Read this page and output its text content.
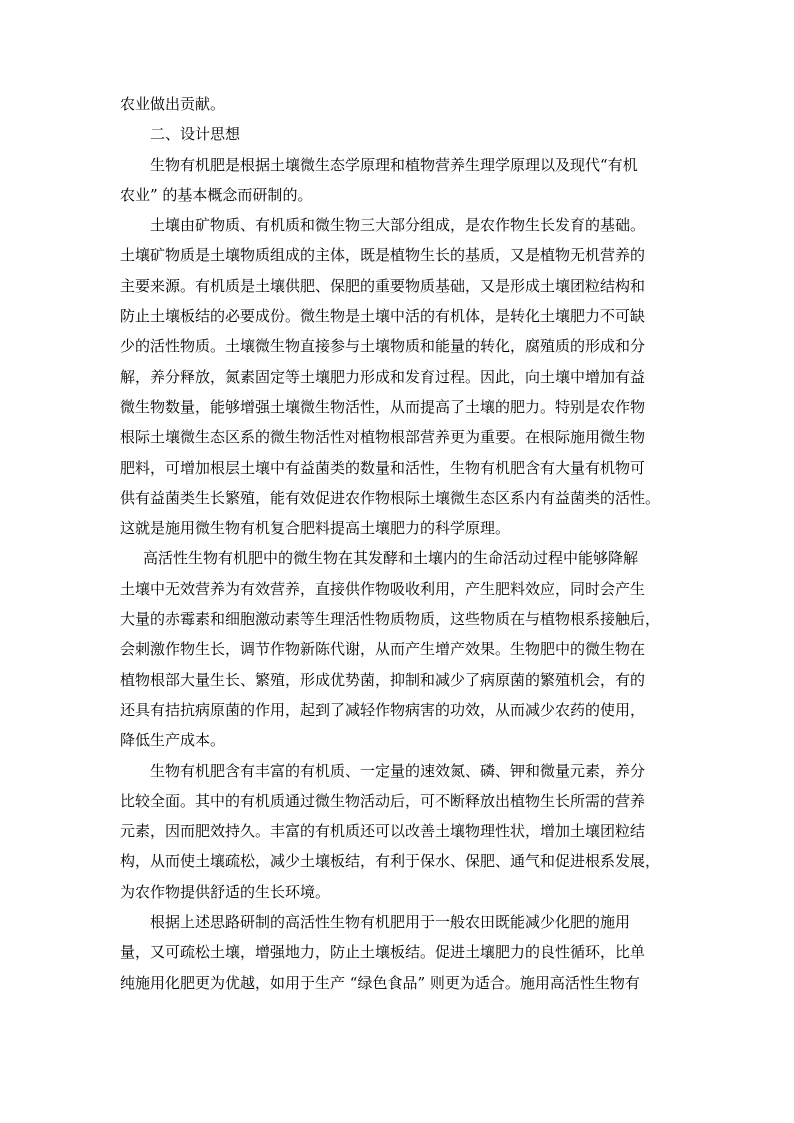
农业做出贡献。
二、设计思想
生物有机肥是根据土壤微生态学原理和植物营养生理学原理以及现代“有机
农业” 的基本概念而研制的。
土壤由矿物质、有机质和微生物三大部分组成，是农作物生长发育的基础。
土壤矿物质是土壤物质组成的主体，既是植物生长的基质，又是植物无机营养的
主要来源。有机质是土壤供肥、保肥的重要物质基础，又是形成土壤团粒结构和
防止土壤板结的必要成份。微生物是土壤中活的有机体，是转化土壤肥力不可缺
少的活性物质。土壤微生物直接参与土壤物质和能量的转化，腐殖质的形成和分
解，养分释放，氮素固定等土壤肥力形成和发育过程。因此，向土壤中增加有益
微生物数量，能够增强土壤微生物活性，从而提高了土壤的肥力。特别是农作物
根际土壤微生态区系的微生物活性对植物根部营养更为重要。在根际施用微生物
肥料，可增加根层土壤中有益菌类的数量和活性，生物有机肥含有大量有机物可
供有益菌类生长繁殖，能有效促进农作物根际土壤微生态区系内有益菌类的活性。
这就是施用微生物有机复合肥料提高土壤肥力的科学原理。
高活性生物有机肥中的微生物在其发酵和土壤内的生命活动过程中能够降解
土壤中无效营养为有效营养，直接供作物吸收利用，产生肥料效应，同时会产生
大量的赤霉素和细胞激动素等生理活性物质物质，这些物质在与植物根系接触后，
会刺激作物生长，调节作物新陈代谢，从而产生增产效果。生物肥中的微生物在
植物根部大量生长、繁殖，形成优势菌，抑制和减少了病原菌的繁殖机会，有的
还具有拮抗病原菌的作用，起到了减轻作物病害的功效，从而减少农药的使用，
降低生产成本。
生物有机肥含有丰富的有机质、一定量的速效氮、磷、钾和微量元素，养分
比较全面。其中的有机质通过微生物活动后，可不断释放出植物生长所需的营养
元素，因而肥效持久。丰富的有机质还可以改善土壤物理性状，增加土壤团粒结
构，从而使土壤疏松，减少土壤板结，有利于保水、保肥、通气和促进根系发展，
为农作物提供舒适的生长环境。
根据上述思路研制的高活性生物有机肥用于一般农田既能减少化肥的施用
量，又可疏松土壤，增强地力，防止土壤板结。促进土壤肥力的良性循环，比单
纯施用化肥更为优越，如用于生产 “绿色食品” 则更为适合。施用高活性生物有
